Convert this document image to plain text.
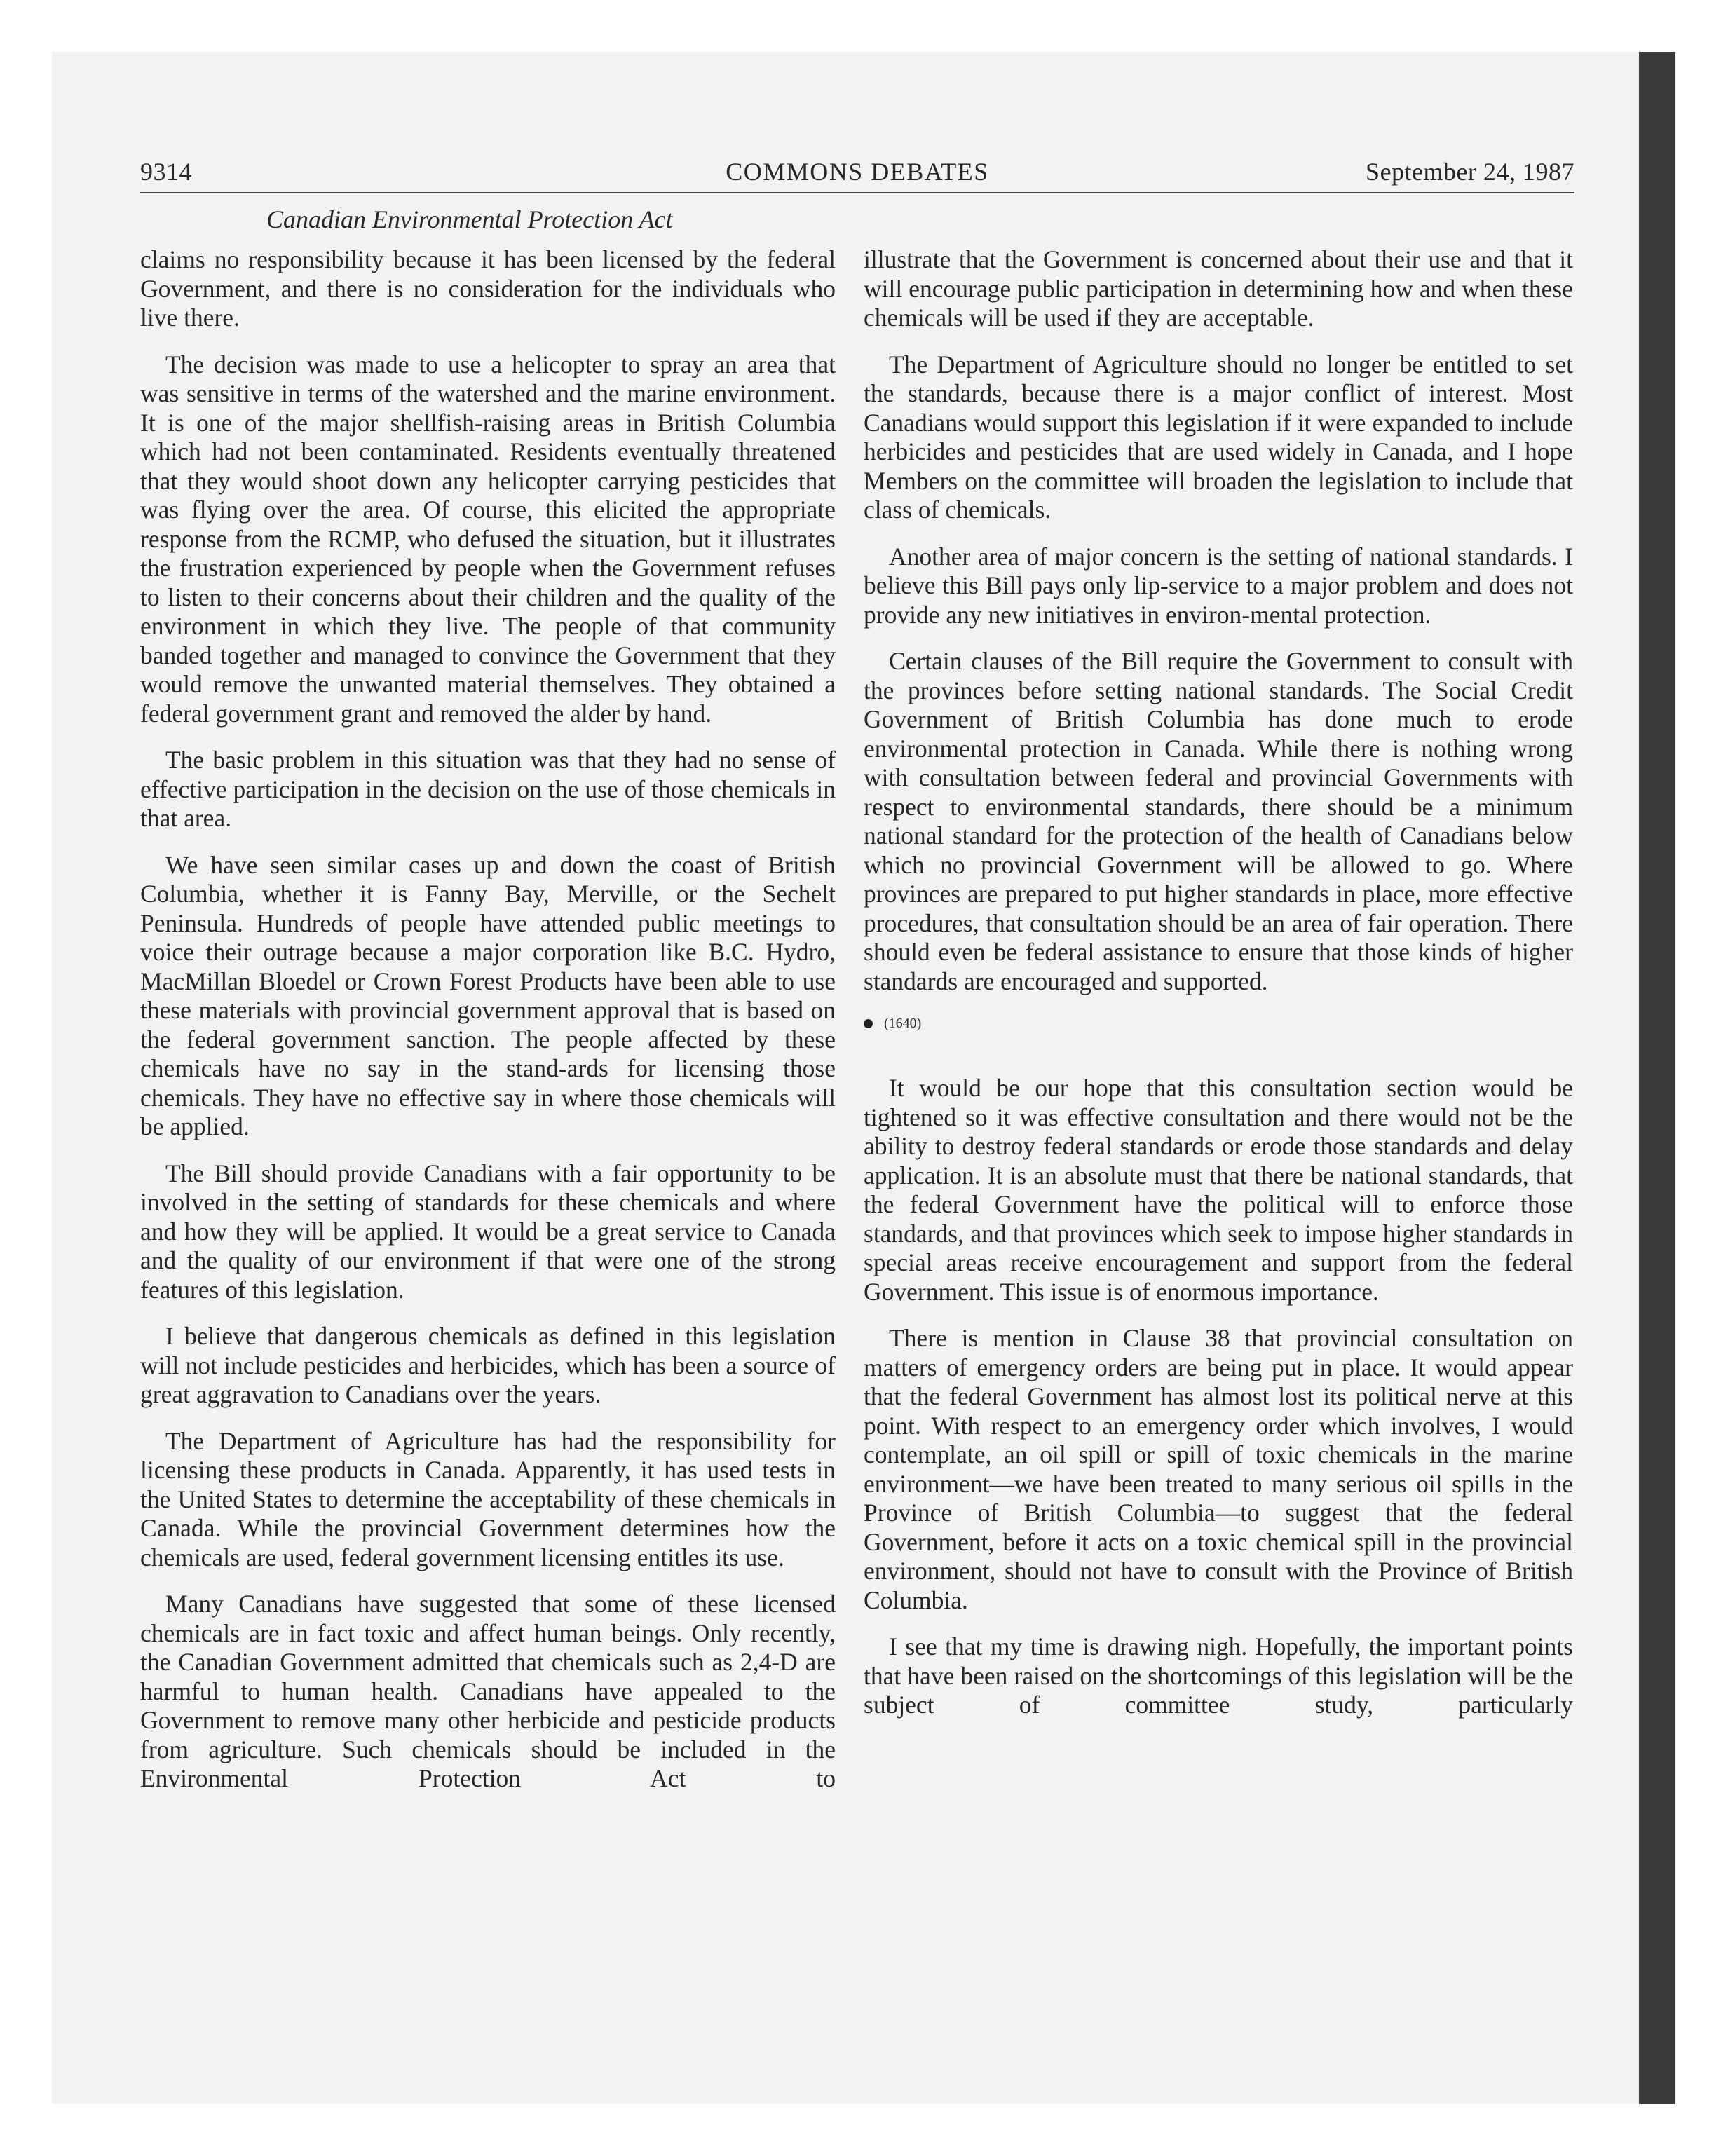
9314	COMMONS DEBATES	September 24, 1987
Canadian Environmental Protection Act

claims no responsibility because it has been licensed by the federal Government, and there is no consideration for the individuals who live there.

The decision was made to use a helicopter to spray an area that was sensitive in terms of the watershed and the marine environment. It is one of the major shellfish-raising areas in British Columbia which had not been contaminated. Residents eventually threatened that they would shoot down any helicopter carrying pesticides that was flying over the area. Of course, this elicited the appropriate response from the RCMP, who defused the situation, but it illustrates the frustration experienced by people when the Government refuses to listen to their concerns about their children and the quality of the environment in which they live. The people of that community banded together and managed to convince the Government that they would remove the unwanted material themselves. They obtained a federal government grant and removed the alder by hand.

The basic problem in this situation was that they had no sense of effective participation in the decision on the use of those chemicals in that area.

We have seen similar cases up and down the coast of British Columbia, whether it is Fanny Bay, Merville, or the Sechelt Peninsula. Hundreds of people have attended public meetings to voice their outrage because a major corporation like B.C. Hydro, MacMillan Bloedel or Crown Forest Products have been able to use these materials with provincial government approval that is based on the federal government sanction. The people affected by these chemicals have no say in the stand-ards for licensing those chemicals. They have no effective say in where those chemicals will be applied.

The Bill should provide Canadians with a fair opportunity to be involved in the setting of standards for these chemicals and where and how they will be applied. It would be a great service to Canada and the quality of our environment if that were one of the strong features of this legislation.

I believe that dangerous chemicals as defined in this legislation will not include pesticides and herbicides, which has been a source of great aggravation to Canadians over the years.

The Department of Agriculture has had the responsibility for licensing these products in Canada. Apparently, it has used tests in the United States to determine the acceptability of these chemicals in Canada. While the provincial Government determines how the chemicals are used, federal government licensing entitles its use.

Many Canadians have suggested that some of these licensed chemicals are in fact toxic and affect human beings. Only recently, the Canadian Government admitted that chemicals such as 2,4-D are harmful to human health. Canadians have appealed to the Government to remove many other herbicide and pesticide products from agriculture. Such chemicals should be included in the Environmental Protection Act to

illustrate that the Government is concerned about their use and that it will encourage public participation in determining how and when these chemicals will be used if they are acceptable.

The Department of Agriculture should no longer be entitled to set the standards, because there is a major conflict of interest. Most Canadians would support this legislation if it were expanded to include herbicides and pesticides that are used widely in Canada, and I hope Members on the committee will broaden the legislation to include that class of chemicals.

Another area of major concern is the setting of national standards. I believe this Bill pays only lip-service to a major problem and does not provide any new initiatives in environ-mental protection.

Certain clauses of the Bill require the Government to consult with the provinces before setting national standards. The Social Credit Government of British Columbia has done much to erode environmental protection in Canada. While there is nothing wrong with consultation between federal and provincial Governments with respect to environmental standards, there should be a minimum national standard for the protection of the health of Canadians below which no provincial Government will be allowed to go. Where provinces are prepared to put higher standards in place, more effective procedures, that consultation should be an area of fair operation. There should even be federal assistance to ensure that those kinds of higher standards are encouraged and supported.

(1640)

It would be our hope that this consultation section would be tightened so it was effective consultation and there would not be the ability to destroy federal standards or erode those standards and delay application. It is an absolute must that there be national standards, that the federal Government have the political will to enforce those standards, and that provinces which seek to impose higher standards in special areas receive encouragement and support from the federal Government. This issue is of enormous importance.

There is mention in Clause 38 that provincial consultation on matters of emergency orders are being put in place. It would appear that the federal Government has almost lost its political nerve at this point. With respect to an emergency order which involves, I would contemplate, an oil spill or spill of toxic chemicals in the marine environment—we have been treated to many serious oil spills in the Province of British Columbia—to suggest that the federal Government, before it acts on a toxic chemical spill in the provincial environment, should not have to consult with the Province of British Columbia.

I see that my time is drawing nigh. Hopefully, the important points that have been raised on the shortcomings of this legislation will be the subject of committee study, particularly
